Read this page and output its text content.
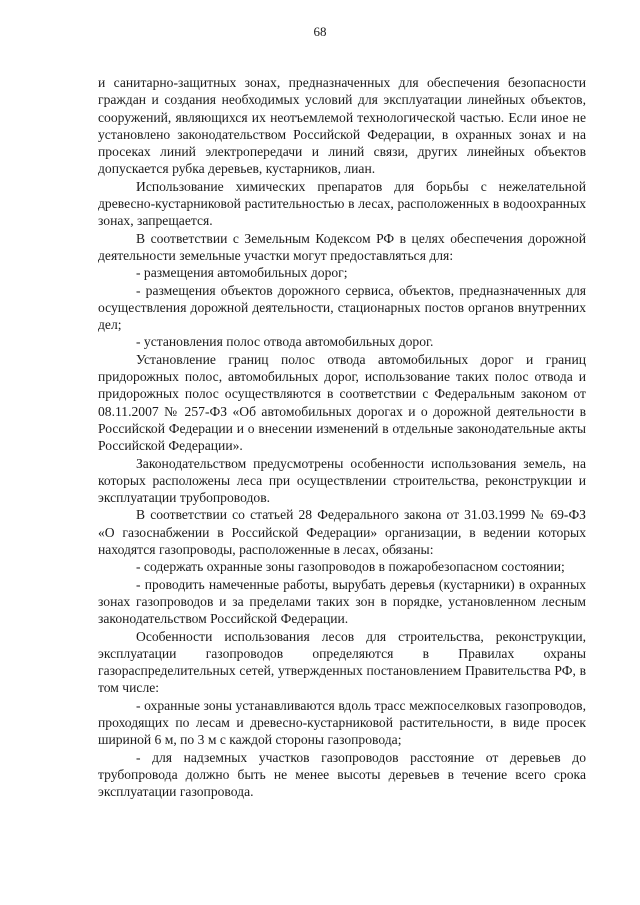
68

и санитарно-защитных зонах, предназначенных для обеспечения безопасности граждан и создания необходимых условий для эксплуатации линейных объектов, сооружений, являющихся их неотъемлемой технологической частью. Если иное не установлено законодательством Российской Федерации, в охранных зонах и на просеках линий электропередачи и линий связи, других линейных объектов допускается рубка деревьев, кустарников, лиан.

Использование химических препаратов для борьбы с нежелательной древесно-кустарниковой растительностью в лесах, расположенных в водоохранных зонах, запрещается.

В соответствии с Земельным Кодексом РФ в целях обеспечения дорожной деятельности земельные участки могут предоставляться для:

- размещения автомобильных дорог;

- размещения объектов дорожного сервиса, объектов, предназначенных для осуществления дорожной деятельности, стационарных постов органов внутренних дел;

- установления полос отвода автомобильных дорог.

Установление границ полос отвода автомобильных дорог и границ придорожных полос, автомобильных дорог, использование таких полос отвода и придорожных полос осуществляются в соответствии с Федеральным законом от 08.11.2007 № 257-ФЗ «Об автомобильных дорогах и о дорожной деятельности в Российской Федерации и о внесении изменений в отдельные законодательные акты Российской Федерации».

Законодательством предусмотрены особенности использования земель, на которых расположены леса при осуществлении строительства, реконструкции и эксплуатации трубопроводов.

В соответствии со статьей 28 Федерального закона от 31.03.1999 № 69-ФЗ «О газоснабжении в Российской Федерации» организации, в ведении которых находятся газопроводы, расположенные в лесах, обязаны:

- содержать охранные зоны газопроводов в пожаробезопасном состоянии;

- проводить намеченные работы, вырубать деревья (кустарники) в охранных зонах газопроводов и за пределами таких зон в порядке, установленном лесным законодательством Российской Федерации.

Особенности использования лесов для строительства, реконструкции, эксплуатации газопроводов определяются в Правилах охраны газораспределительных сетей, утвержденных постановлением Правительства РФ, в том числе:

- охранные зоны устанавливаются вдоль трасс межпоселковых газопроводов, проходящих по лесам и древесно-кустарниковой растительности, в виде просек шириной 6 м, по 3 м с каждой стороны газопровода;

- для надземных участков газопроводов расстояние от деревьев до трубопровода должно быть не менее высоты деревьев в течение всего срока эксплуатации газопровода.
